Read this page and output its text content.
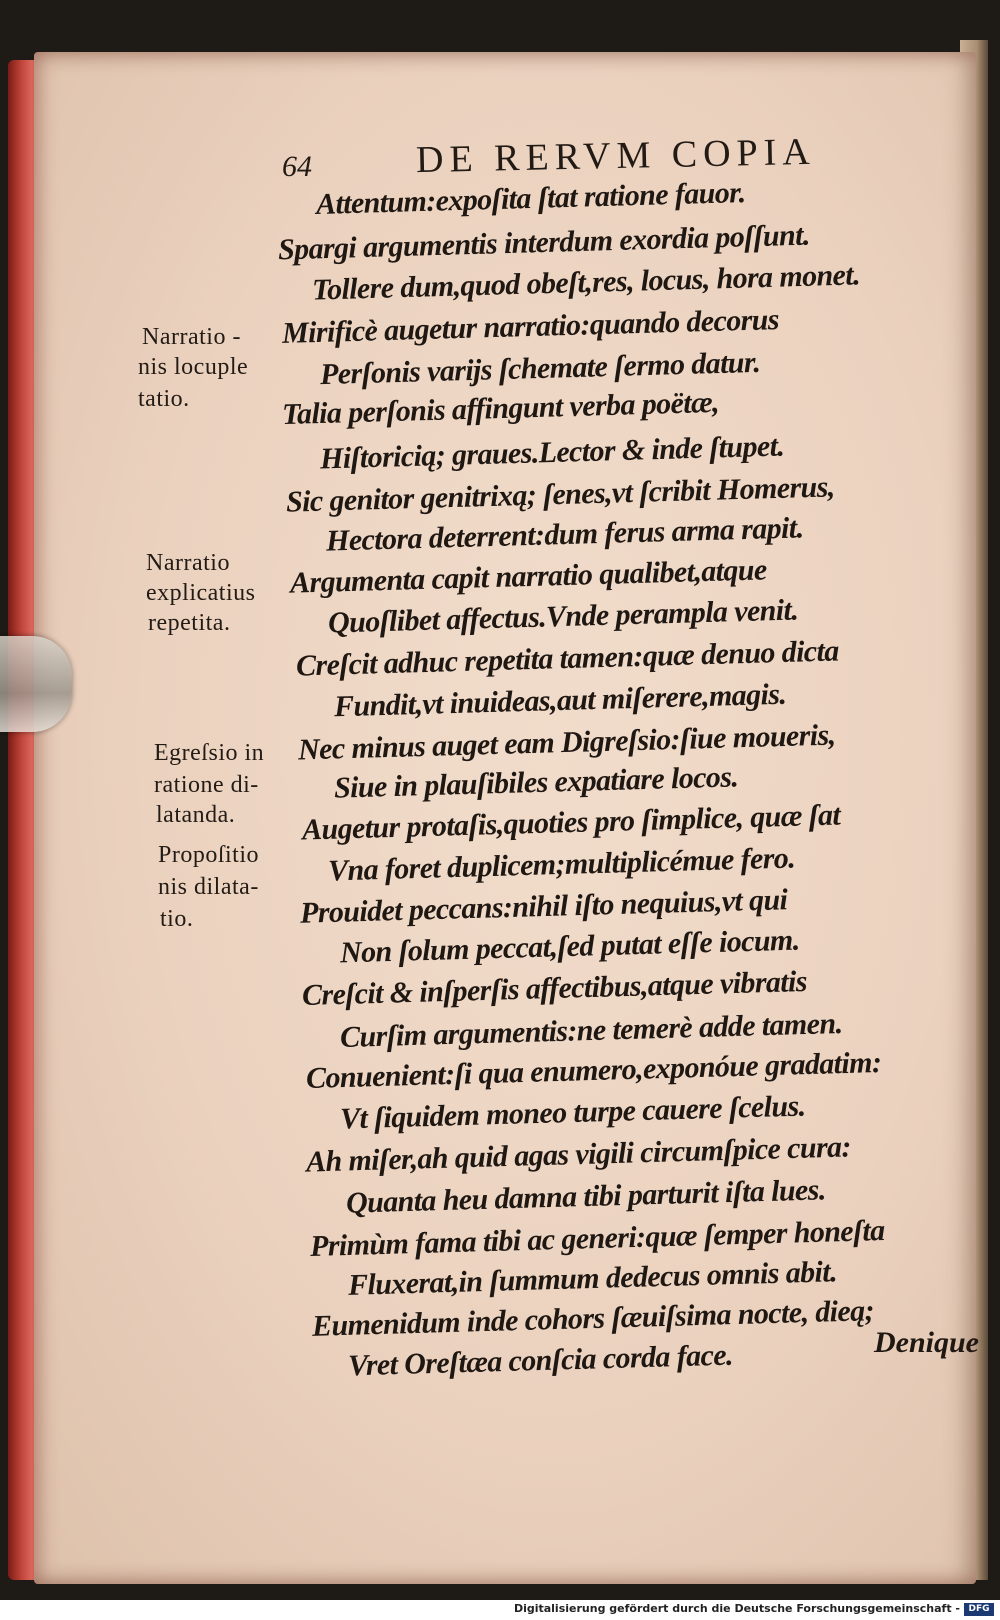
64	DE RERVM COPIA
Attentum:expoſita ſtat ratione fauor.
Spargi argumentis interdum exordia poſſunt.
Tollere dum,quod obeſt,res, locus, hora monet.
Mirificè augetur narratio:quando decorus
Perſonis varijs ſchemate ſermo datur.
Talia perſonis affingunt verba poëtæ,
Hiſtoricią; graues.Lector & inde ſtupet.
Sic genitor genitrixą; ſenes,vt ſcribit Homerus,
Hectora deterrent:dum ferus arma rapit.
Argumenta capit narratio qualibet,atque
Quoſlibet affectus.Vnde perampla venit.
Creſcit adhuc repetita tamen:quæ denuo dicta
Fundit,vt inuideas,aut miſerere,magis.
Nec minus auget eam Digreſsio:ſiue moueris,
Siue in plauſibiles expatiare locos.
Augetur protaſis,quoties pro ſimplice, quæ ſat
Vna foret duplicem;multiplicémue fero.
Prouidet peccans:nihil iſto nequius,vt qui
Non ſolum peccat,ſed putat eſſe iocum.
Creſcit & inſperſis affectibus,atque vibratis
Curſim argumentis:ne temerè adde tamen.
Conuenient:ſi qua enumero,exponóue gradatim:
Vt ſiquidem moneo turpe cauere ſcelus.
Ah miſer,ah quid agas vigili circumſpice cura:
Quanta heu damna tibi parturit iſta lues.
Primùm fama tibi ac generi:quæ ſemper honeſta
Fluxerat,in ſummum dedecus omnis abit.
Eumenidum inde cohors ſæuiſsima nocte, dieą;
Vret Oreſtæa conſcia corda face.
Narratio -
nis locuple
tatio.
Narratio
explicatius
repetita.
Egreſsio in
ratione di-
latanda.
Propoſitio
nis dilata-
tio.
Denique
Digitalisierung gefördert durch die Deutsche Forschungsgemeinschaft - DFG
